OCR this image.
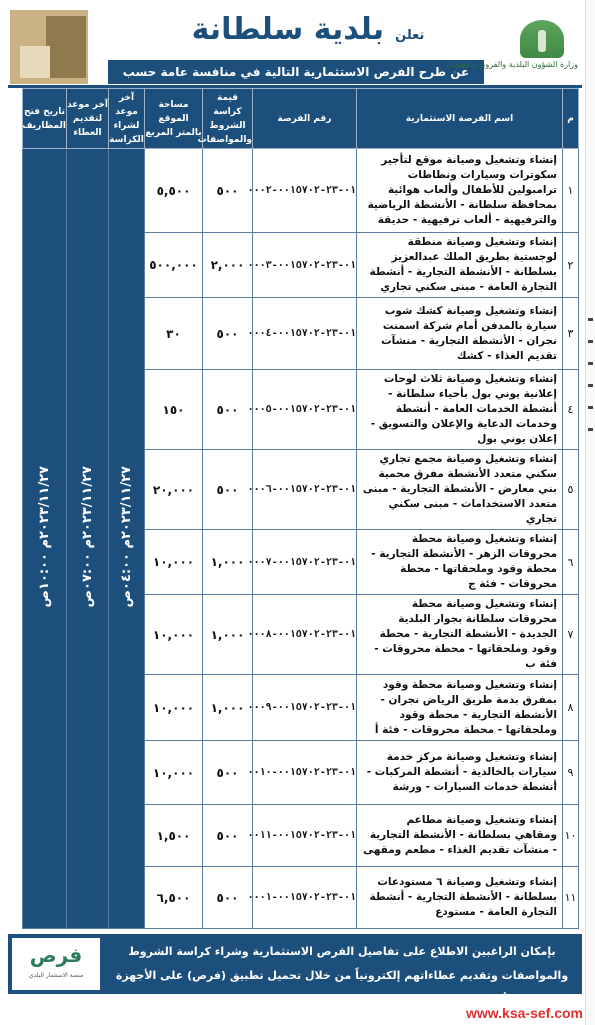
تعلن بلدية سلطانة
عن طرح الفرص الاستثمارية التالية في منافسة عامة حسب
وزارة الشؤون البلدية والقروية والإسكان
م	اسم الفرصة الاستثمارية	رقم الفرصة	قيمة كراسة الشروط والمواصفات	مساحة الموقع بالمتر المربع	آخر موعد لشراء الكراسة	آخر موعد لتقديم العطاء	تاريخ فتح المظاريف
١	إنشاء وتشغيل وصيانة موقع لتأجير سكوترات وسيارات ونطاطات ترامبولين للأطفال وألعاب هوائية بمحافظة سلطانة - الأنشطة الرياضية والترفيهية - ألعاب ترفيهية - حديقة	٠١-٢٣-٠٠١٥٧٠٢-٠٠٠٢	٥٠٠	٥,٥٠٠	٢٠٢٣/١١/٢٧م ٠٤:٠٠ص	٢٠٢٣/١١/٢٧م ٠٧:٠٠ص	٢٠٢٣/١١/٢٧م ١٠:٠٠ص
٢	إنشاء وتشغيل وصيانة منطقة لوجستية بطريق الملك عبدالعزيز بسلطانة - الأنشطة التجارية - أنشطة التجارة العامة - مبنى سكني تجاري	٠١-٢٣-٠٠١٥٧٠٢-٠٠٠٣	٢,٠٠٠	٥٠٠,٠٠٠			
٣	إنشاء وتشغيل وصيانة كشك شوب سيارة بالمدفن أمام شركة اسمنت نجران - الأنشطة التجارية - منشآت تقديم الغذاء - كشك	٠١-٢٣-٠٠١٥٧٠٢-٠٠٠٤	٥٠٠	٣٠			
٤	إنشاء وتشغيل وصيانة ثلاث لوحات إعلانية يوني بول بأحياء سلطانة - أنشطة الخدمات العامة - أنشطة وخدمات الدعاية والإعلان والتسويق - إعلان يوني بول	٠١-٢٣-٠٠١٥٧٠٢-٠٠٠٥	٥٠٠	١٥٠			
٥	إنشاء وتشغيل وصيانة مجمع تجاري سكني متعدد الأنشطة مفرق محمية بني معارض - الأنشطة التجارية - مبنى متعدد الاستخدامات - مبنى سكني تجاري	٠١-٢٣-٠٠١٥٧٠٢-٠٠٠٦	٥٠٠	٢٠,٠٠٠			
٦	إنشاء وتشغيل وصيانة محطة محروقات الزهر - الأنشطة التجارية - محطة وقود وملحقاتها - محطة محروقات - فئة ج	٠١-٢٣-٠٠١٥٧٠٢-٠٠٠٧	١,٠٠٠	١٠,٠٠٠			
٧	إنشاء وتشغيل وصيانة محطة محروقات سلطانة بجوار البلدية الجديدة - الأنشطة التجارية - محطة وقود وملحقاتها - محطة محروقات - فئة ب	٠١-٢٣-٠٠١٥٧٠٢-٠٠٠٨	١,٠٠٠	١٠,٠٠٠			
٨	إنشاء وتشغيل وصيانة محطة وقود بمفرق بدمة طريق الرياض نجران - الأنشطة التجارية - محطة وقود وملحقاتها - محطة محروقات - فئة أ	٠١-٢٣-٠٠١٥٧٠٢-٠٠٠٩	١,٠٠٠	١٠,٠٠٠			
٩	إنشاء وتشغيل وصيانة مركز خدمة سيارات بالخالدية - أنشطة المركبات - أنشطة خدمات السيارات - ورشة	٠١-٢٣-٠٠١٥٧٠٢-٠٠١٠	٥٠٠	١٠,٠٠٠			
١٠	إنشاء وتشغيل وصيانة مطاعم ومقاهي بسلطانة - الأنشطة التجارية - منشآت تقديم الغذاء - مطعم ومقهى	٠١-٢٣-٠٠١٥٧٠٢-٠٠١١	٥٠٠	١,٥٠٠			
١١	إنشاء وتشغيل وصيانة ٦ مستودعات بسلطانة - الأنشطة التجارية - أنشطة التجارة العامة - مستودع	٠١-٢٣-٠٠١٥٧٠٢-٠٠٠١	٥٠٠	٦,٥٠٠			
فرص
منصة الاستثمار البلدي
بإمكان الراغبين الاطلاع على تفاصيل الفرص الاستثمارية وشراء كراسة الشروط والمواصفات وتقديم عطاءاتهم إلكترونياً من خلال تحميل تطبيق (فرص) على الأجهزة الذكية أو الدخول على الموقع الإلكتروني (https://Furas.momra.gov.sa)
www.ksa-sef.com
